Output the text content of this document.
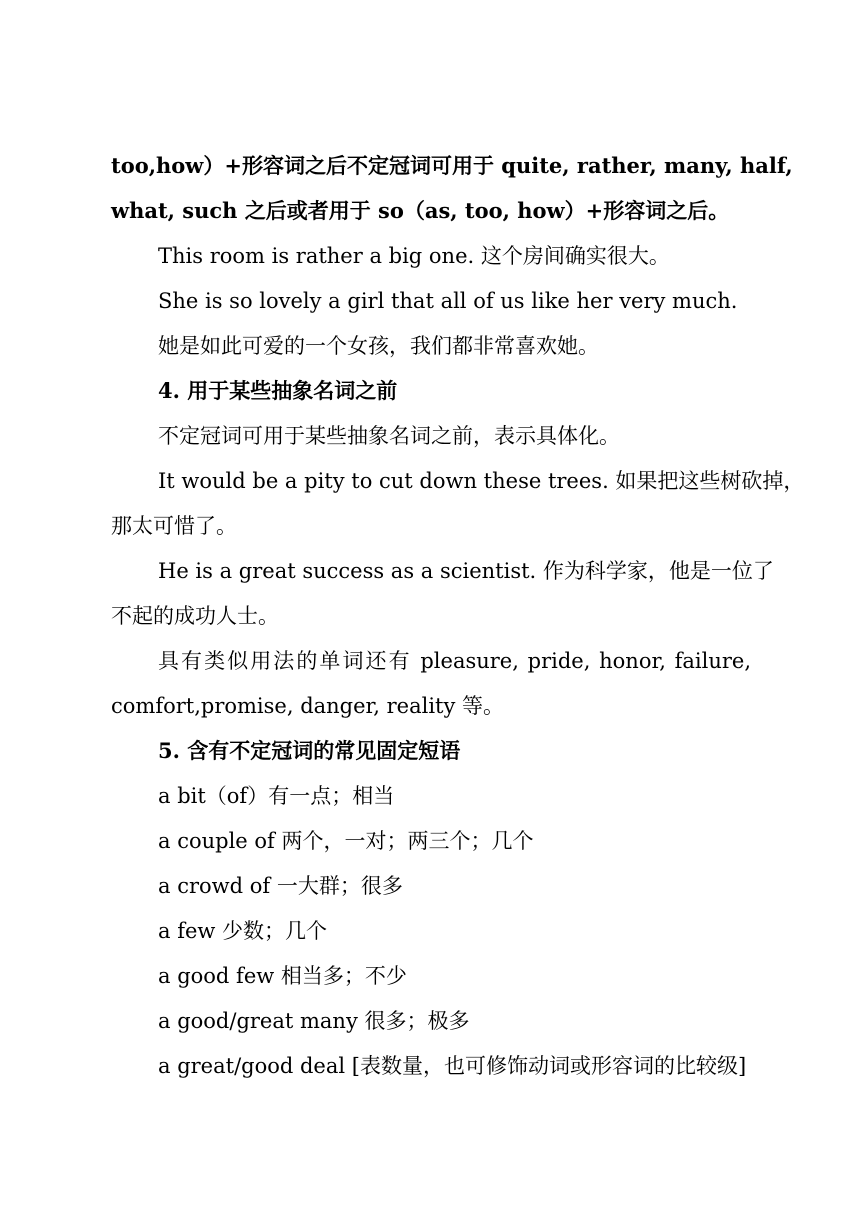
too,how）+形容词之后不定冠词可用于 quite, rather, many, half,
what, such 之后或者用于 so（as, too, how）+形容词之后。
This room is rather a big one. 这个房间确实很大。
She is so lovely a girl that all of us like her very much.
她是如此可爱的一个女孩，我们都非常喜欢她。
4. 用于某些抽象名词之前
不定冠词可用于某些抽象名词之前，表示具体化。
It would be a pity to cut down these trees. 如果把这些树砍掉，
那太可惜了。
He is a great success as a scientist. 作为科学家，他是一位了
不起的成功人士。
具有类似用法的单词还有 pleasure, pride, honor, failure,
comfort,promise, danger, reality 等。
5. 含有不定冠词的常见固定短语
a bit（of）有一点；相当
a couple of 两个，一对；两三个；几个
a crowd of 一大群；很多
a few 少数；几个
a good few 相当多；不少
a good/great many 很多；极多
a great/good deal [表数量，也可修饰动词或形容词的比较级]
